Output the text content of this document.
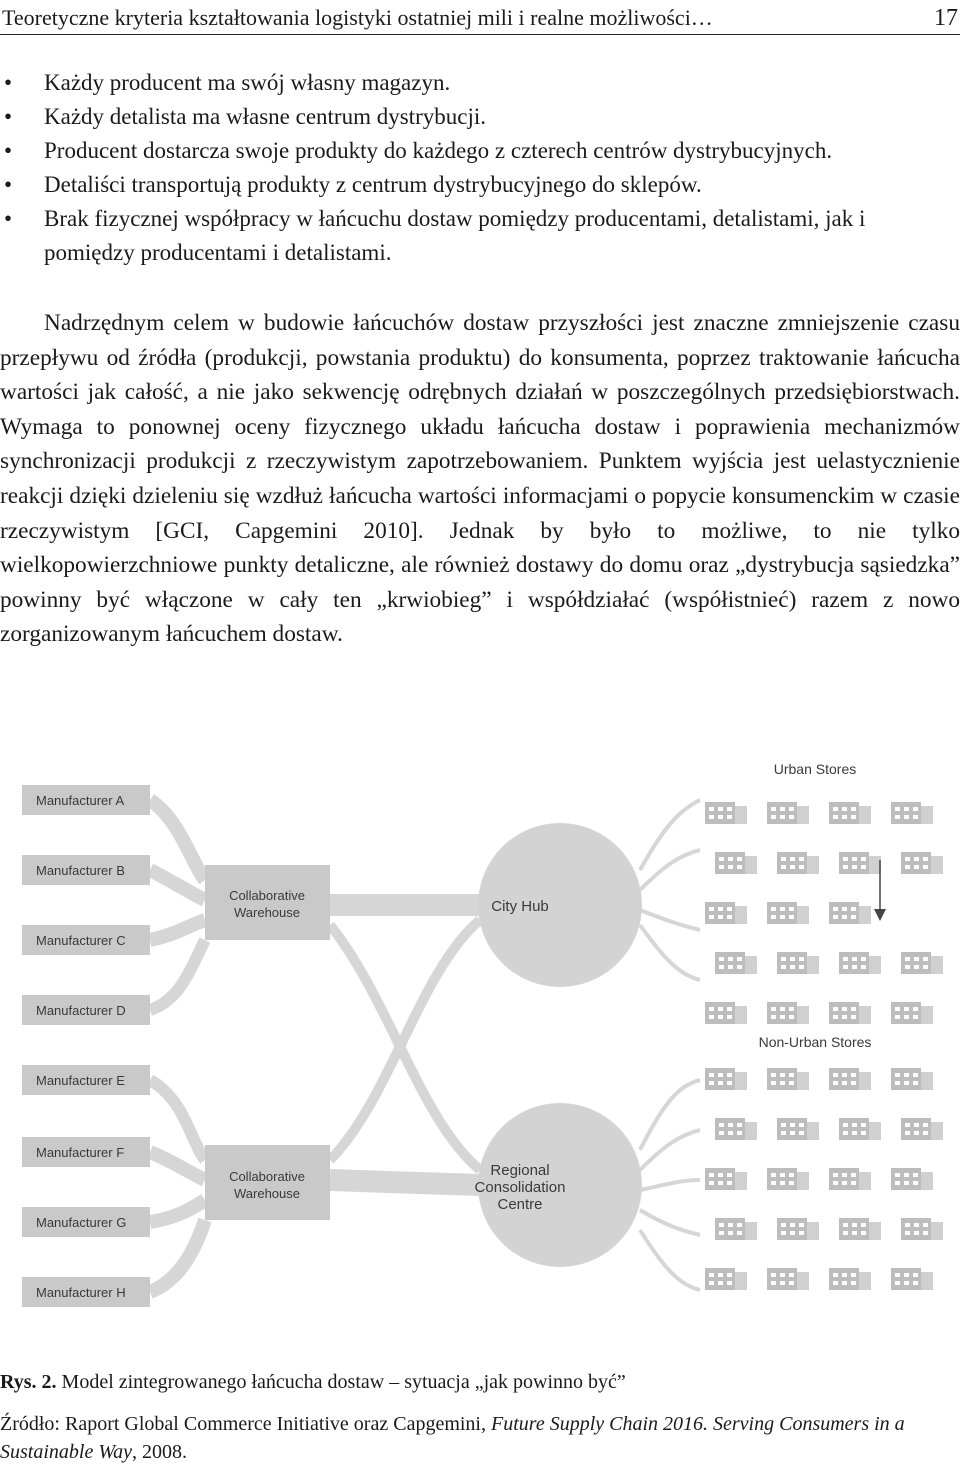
Teoretyczne kryteria kształtowania logistyki ostatniej mili i realne możliwości…	17
• Każdy producent ma swój własny magazyn.
• Każdy detalista ma własne centrum dystrybucji.
• Producent dostarcza swoje produkty do każdego z czterech centrów dystrybucyjnych.
• Detaliści transportują produkty z centrum dystrybucyjnego do sklepów.
• Brak fizycznej współpracy w łańcuchu dostaw pomiędzy producentami, detalistami, jak i pomiędzy producentami i detalistami.

Nadrzędnym celem w budowie łańcuchów dostaw przyszłości jest znaczne zmniejszenie czasu przepływu od źródła (produkcji, powstania produktu) do konsumenta, poprzez traktowanie łańcucha wartości jak całość, a nie jako sekwencję odrębnych działań w poszczególnych przedsiębiorstwach. Wymaga to ponownej oceny fizycznego układu łańcucha dostaw i poprawienia mechanizmów synchronizacji produkcji z rzeczywistym zapotrzebowaniem. Punktem wyjścia jest uelastycznienie reakcji dzięki dzieleniu się wzdłuż łańcucha wartości informacjami o popycie konsumenckim w czasie rzeczywistym [GCI, Capgemini 2010]. Jednak by było to możliwe, to nie tylko wielkopowierzchniowe punkty detaliczne, ale również dostawy do domu oraz „dystrybucja sąsiedzka” powinny być włączone w cały ten „krwiobieg” i współdziałać (współistnieć) razem z nowo zorganizowanym łańcuchem dostaw.

Manufacturer A
Manufacturer B
Manufacturer C
Manufacturer D
Manufacturer E
Manufacturer F
Manufacturer G
Manufacturer H
Collaborative
Warehouse
Collaborative
Warehouse
City Hub
Regional
Consolidation
Centre
Urban Stores
Non-Urban Stores
Rys. 2. Model zintegrowanego łańcucha dostaw – sytuacja „jak powinno być”
Źródło: Raport Global Commerce Initiative oraz Capgemini, Future Supply Chain 2016. Serving Consumers in a Sustainable Way, 2008.
